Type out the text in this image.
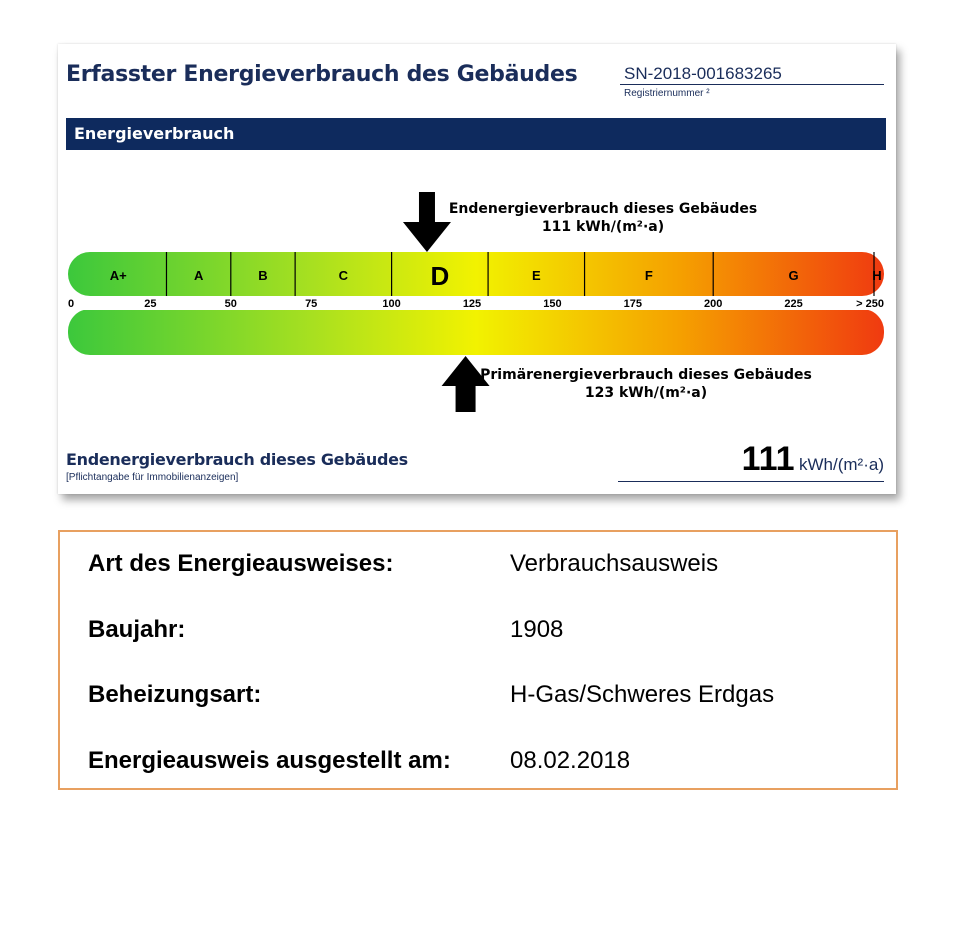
Erfasster Energieverbrauch des Gebäudes	SN-2018-001683265
Registriernummer ²
Energieverbrauch
Endenergieverbrauch dieses Gebäudes
111 kWh/(m²·a)
A+	A	B	C	D	E	F	G	H
0	25	50	75	100	125	150	175	200	225	> 250
Primärenergieverbrauch dieses Gebäudes
123 kWh/(m²·a)
Endenergieverbrauch dieses Gebäudes
[Pflichtangabe für Immobilienanzeigen]	111 kWh/(m²·a)
Art des Energieausweises:	Verbrauchsausweis
Baujahr:	1908
Beheizungsart:	H-Gas/Schweres Erdgas
Energieausweis ausgestellt am: 08.02.2018
